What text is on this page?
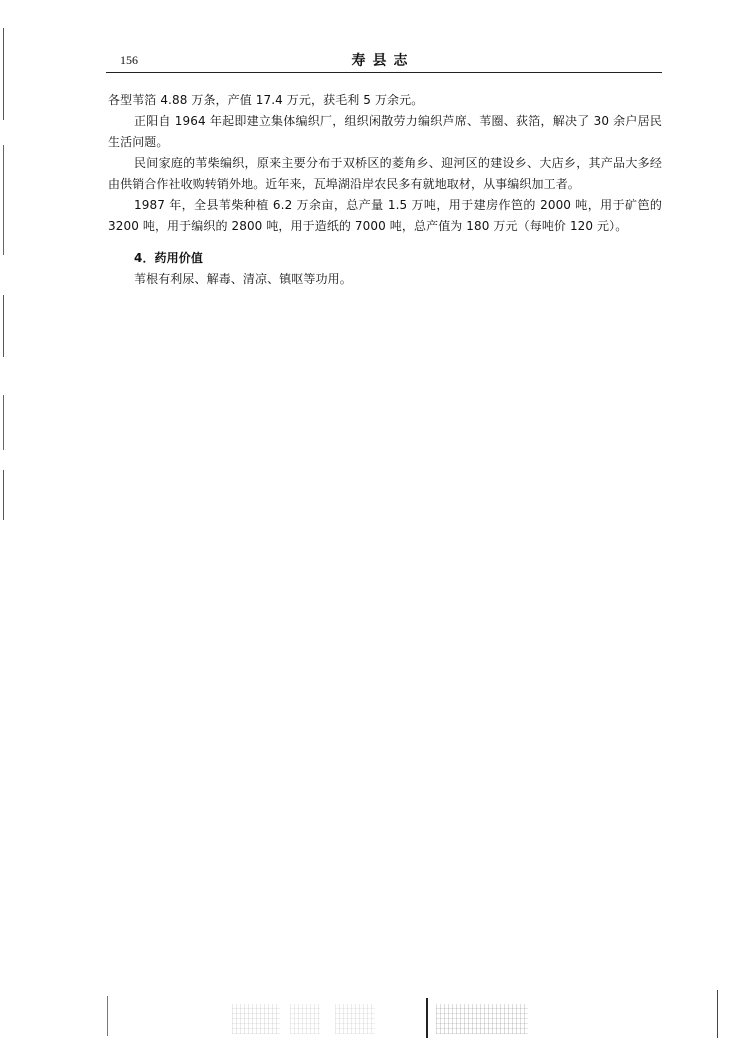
156	寿县志

各型苇箔 4.88 万条，产值 17.4 万元，获毛利 5 万余元。

正阳自 1964 年起即建立集体编织厂，组织闲散劳力编织芦席、苇圈、荻箔，解决了 30 余户居民生活问题。

民间家庭的苇柴编织，原来主要分布于双桥区的菱角乡、迎河区的建设乡、大店乡，其产品大多经由供销合作社收购转销外地。近年来，瓦埠湖沿岸农民多有就地取材，从事编织加工者。

1987 年，全县苇柴种植 6.2 万余亩，总产量 1.5 万吨，用于建房作笆的 2000 吨，用于矿笆的 3200 吨，用于编织的 2800 吨，用于造纸的 7000 吨，总产值为 180 万元（每吨价 120 元）。

4．药用价值

苇根有利尿、解毒、清凉、镇呕等功用。
